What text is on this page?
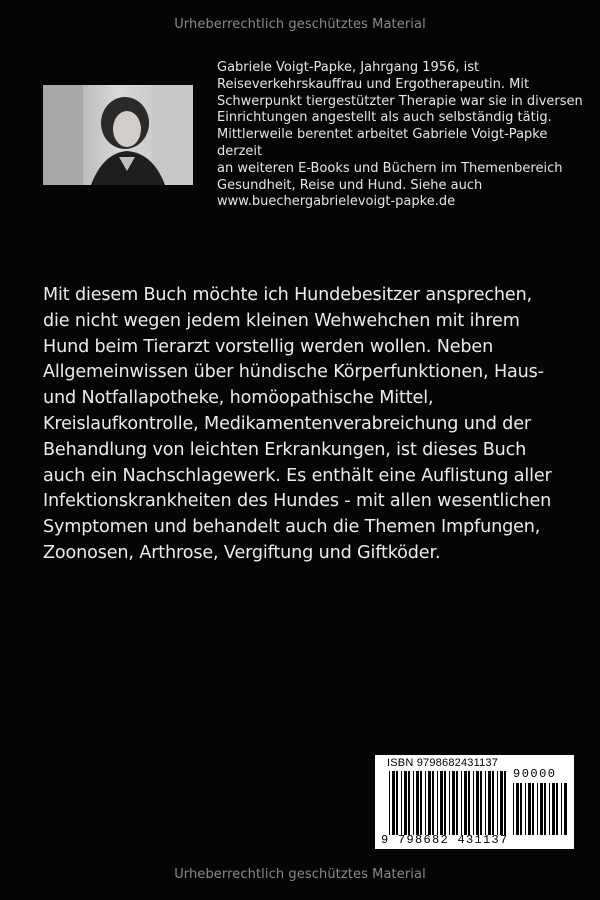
Urheberrechtlich geschütztes Material

Gabriele Voigt-Papke, Jahrgang 1956, ist

Reiseverkehrskauffrau und Ergotherapeutin. Mit

Schwerpunkt tiergestützter Therapie war sie in diversen

Einrichtungen angestellt als auch selbständig tätig.

Mittlerweile berentet arbeitet Gabriele Voigt-Papke derzeit

an weiteren E-Books und Büchern im Themenbereich

Gesundheit, Reise und Hund. Siehe auch

www.buechergabrielevoigt-papke.de

Mit diesem Buch möchte ich Hundebesitzer ansprechen,

die nicht wegen jedem kleinen Wehwehchen mit ihrem

Hund beim Tierarzt vorstellig werden wollen. Neben

Allgemeinwissen über hündische Körperfunktionen, Haus-

und Notfallapotheke, homöopathische Mittel,

Kreislaufkontrolle, Medikamentenverabreichung und der

Behandlung von leichten Erkrankungen, ist dieses Buch

auch ein Nachschlagewerk. Es enthält eine Auflistung aller

Infektionskrankheiten des Hundes - mit allen wesentlichen

Symptomen und behandelt auch die Themen Impfungen,

Zoonosen, Arthrose, Vergiftung und Giftköder.

ISBN 9798682431137
9 798682 431137
90000
Urheberrechtlich geschütztes Material
